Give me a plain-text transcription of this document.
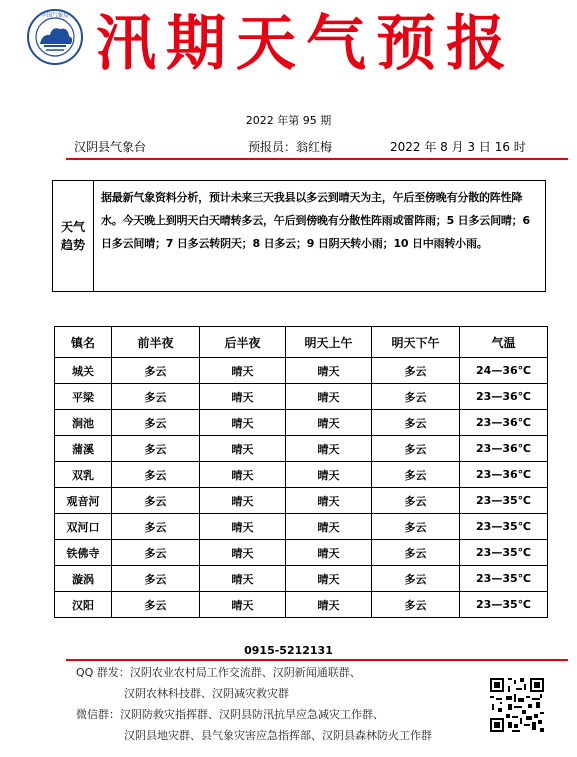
中国气象局 汛期天气预报
2022 年第 95 期
汉阴县气象台	预报员：翁红梅	2022 年 8 月 3 日 16 时
天气
趋势
据最新气象资料分析，预计未来三天我县以多云到晴天为主，午后至傍晚有分散的阵性降水。今天晚上到明天白天晴转多云，午后到傍晚有分散性阵雨或雷阵雨；5 日多云间晴；6 日多云间晴；7 日多云转阴天；8 日多云；9 日阴天转小雨；10 日中雨转小雨。
镇名	前半夜	后半夜	明天上午	明天下午	气温
城关	多云	晴天	晴天	多云	24—36℃
平梁	多云	晴天	晴天	多云	23—36℃
涧池	多云	晴天	晴天	多云	23—36℃
蒲溪	多云	晴天	晴天	多云	23—36℃
双乳	多云	晴天	晴天	多云	23—36℃
观音河	多云	晴天	晴天	多云	23—35℃
双河口	多云	晴天	晴天	多云	23—35℃
铁佛寺	多云	晴天	晴天	多云	23—35℃
漩涡	多云	晴天	晴天	多云	23—35℃
汉阳	多云	晴天	晴天	多云	23—35℃
0915-5212131
QQ 群发：汉阴农业农村局工作交流群、汉阴新闻通联群、
汉阴农林科技群、汉阴减灾救灾群
微信群：汉阴防救灾指挥群、汉阴县防汛抗旱应急减灾工作群、
汉阴县地灾群、县气象灾害应急指挥部、汉阴县森林防火工作群
